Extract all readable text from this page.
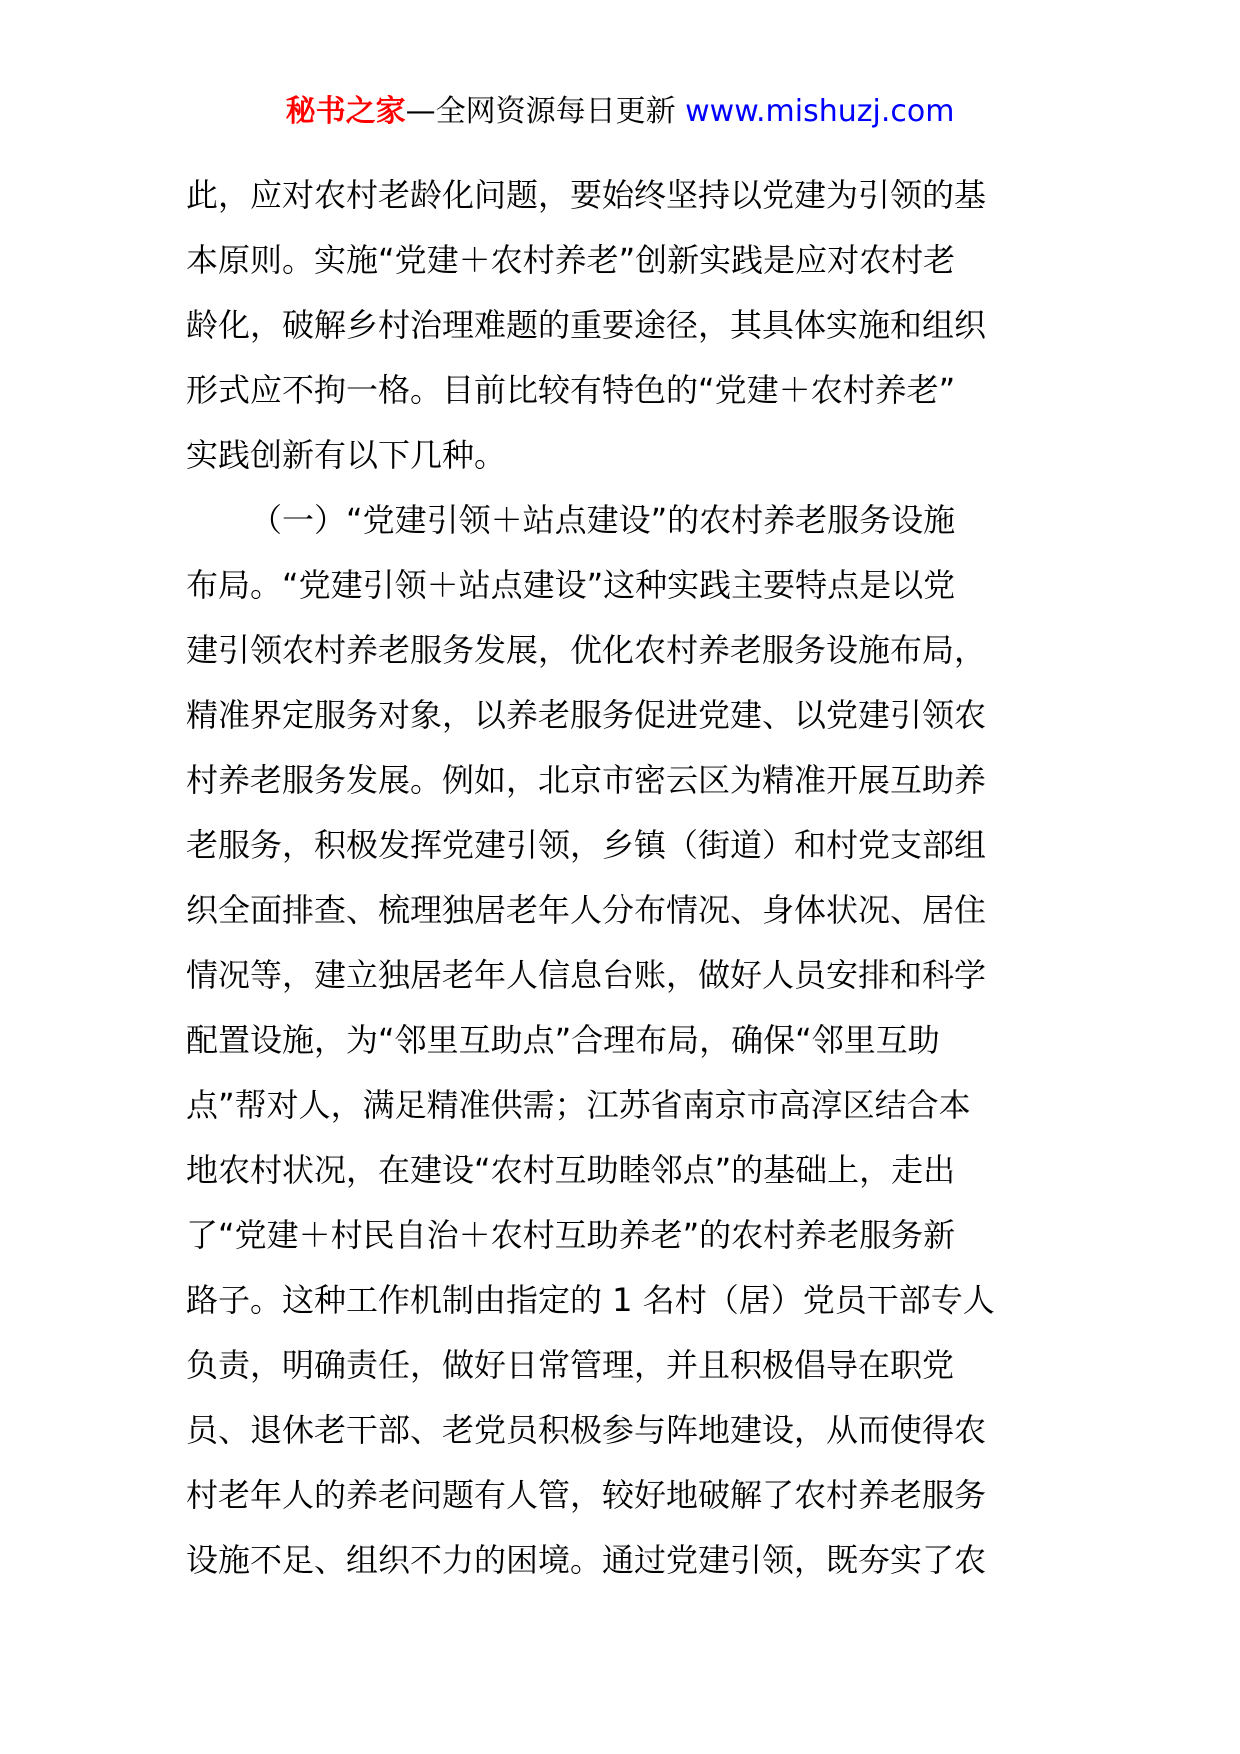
秘书之家—全网资源每日更新 www.mishuzj.com
此，应对农村老龄化问题，要始终坚持以党建为引领的基
本原则。实施“党建＋农村养老”创新实践是应对农村老
龄化，破解乡村治理难题的重要途径，其具体实施和组织
形式应不拘一格。目前比较有特色的“党建＋农村养老”
实践创新有以下几种。
（一）“党建引领＋站点建设”的农村养老服务设施
布局。“党建引领＋站点建设”这种实践主要特点是以党
建引领农村养老服务发展，优化农村养老服务设施布局，
精准界定服务对象，以养老服务促进党建、以党建引领农
村养老服务发展。例如，北京市密云区为精准开展互助养
老服务，积极发挥党建引领，乡镇（街道）和村党支部组
织全面排查、梳理独居老年人分布情况、身体状况、居住
情况等，建立独居老年人信息台账，做好人员安排和科学
配置设施，为“邻里互助点”合理布局，确保“邻里互助
点”帮对人，满足精准供需；江苏省南京市高淳区结合本
地农村状况，在建设“农村互助睦邻点”的基础上，走出
了“党建＋村民自治＋农村互助养老”的农村养老服务新
路子。这种工作机制由指定的 1 名村（居）党员干部专人
负责，明确责任，做好日常管理，并且积极倡导在职党
员、退休老干部、老党员积极参与阵地建设，从而使得农
村老年人的养老问题有人管，较好地破解了农村养老服务
设施不足、组织不力的困境。通过党建引领，既夯实了农
